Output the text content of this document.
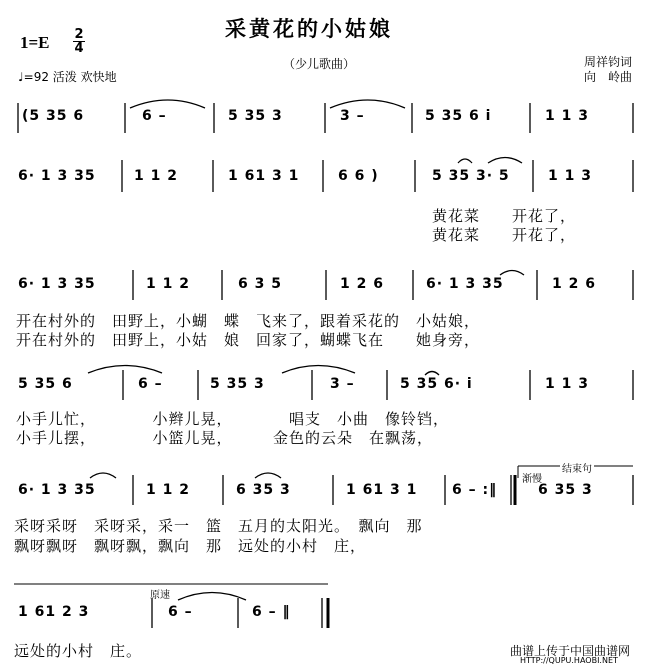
采黄花的小姑娘
1=E 2
4
（少儿歌曲）
♩=92 活泼 欢快地
周祥钧词
向　岭曲
(5 35 6	6 –	5 35 3	3 –	5 35 6 i	1 1 3
6· 1 3 35	1 1 2	1 61 3 1	6 6 )	5 35 3· 5	1 1 3
黄花菜　　开花了，
黄花菜　　开花了，
6· 1 3 35	1 1 2	6 3 5	1 2 6	6· 1 3 35	1 2 6
开在村外的　田野上，小蝴　蝶　飞来了，跟着采花的　小姑娘，
开在村外的　田野上，小姑　娘　回家了，蝴蝶飞在　　她身旁，
5 35 6	6 –	5 35 3	3 –	5 35 6· i	1 1 3
小手儿忙，　　　　小辫儿晃，　　　　唱支　小曲　像铃铛，
小手儿摆，　　　　小篮儿晃，　　　金色的云朵　在飘荡，
结束句
渐慢
6· 1 3 35	1 1 2	6 35 3	1 61 3 1 6 – :‖	6 35 3
采呀采呀　采呀采，采一　篮　五月的太阳光。　飘向　那
飘呀飘呀　飘呀飘，飘向　那　远处的小村　庄，
原速
1 61 2 3	6 –	6 – ‖
远处的小村　庄。	曲谱上传于中国曲谱网
HTTP://QUPU.HAOBI.NET
